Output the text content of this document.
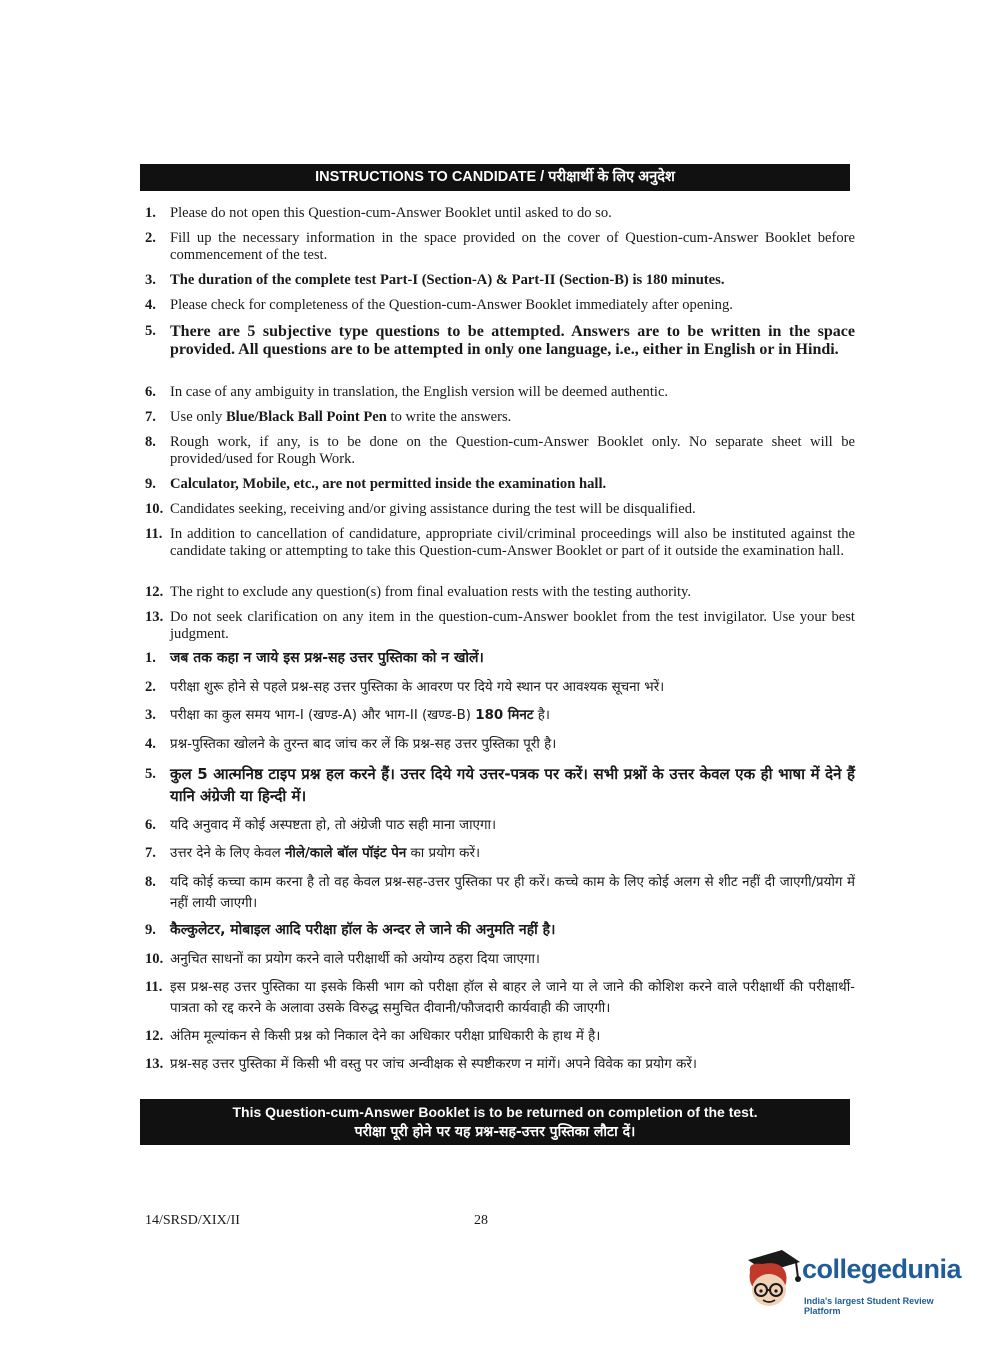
INSTRUCTIONS TO CANDIDATE / परीक्षार्थी के लिए अनुदेश
1. Please do not open this Question-cum-Answer Booklet until asked to do so.
2. Fill up the necessary information in the space provided on the cover of Question-cum-Answer Booklet before commencement of the test.
3. The duration of the complete test Part-I (Section-A) & Part-II (Section-B) is 180 minutes.
4. Please check for completeness of the Question-cum-Answer Booklet immediately after opening.
5. There are 5 subjective type questions to be attempted. Answers are to be written in the space provided. All questions are to be attempted in only one language, i.e., either in English or in Hindi.
6. In case of any ambiguity in translation, the English version will be deemed authentic.
7. Use only Blue/Black Ball Point Pen to write the answers.
8. Rough work, if any, is to be done on the Question-cum-Answer Booklet only. No separate sheet will be provided/used for Rough Work.
9. Calculator, Mobile, etc., are not permitted inside the examination hall.
10. Candidates seeking, receiving and/or giving assistance during the test will be disqualified.
11. In addition to cancellation of candidature, appropriate civil/criminal proceedings will also be instituted against the candidate taking or attempting to take this Question-cum-Answer Booklet or part of it outside the examination hall.
12. The right to exclude any question(s) from final evaluation rests with the testing authority.
13. Do not seek clarification on any item in the question-cum-Answer booklet from the test invigilator. Use your best judgment.
1.	जब तक कहा न जाये इस प्रश्न-सह उत्तर पुस्तिका को न खोलें।
2.	परीक्षा शुरू होने से पहले प्रश्न-सह उत्तर पुस्तिका के आवरण पर दिये गये स्थान पर आवश्यक सूचना भरें।
3.	परीक्षा का कुल समय भाग-I (खण्ड-A) और भाग-II (खण्ड-B) 180 मिनट है।
4.	प्रश्न-पुस्तिका खोलने के तुरन्त बाद जांच कर लें कि प्रश्न-सह उत्तर पुस्तिका पूरी है।
5. कुल 5 आत्मनिष्ठ टाइप प्रश्न हल करने हैं। उत्तर दिये गये उत्तर-पत्रक पर करें। सभी प्रश्नों के उत्तर केवल एक ही भाषा में देने हैं यानि अंग्रेजी या हिन्दी में।
6.	यदि अनुवाद में कोई अस्पष्टता हो, तो अंग्रेजी पाठ सही माना जाएगा।
7.	उत्तर देने के लिए केवल नीले/काले बॉल पॉइंट पेन का प्रयोग करें।
8.	यदि कोई कच्चा काम करना है तो वह केवल प्रश्न-सह-उत्तर पुस्तिका पर ही करें। कच्चे काम के लिए कोई अलग से शीट नहीं दी जाएगी/प्रयोग में नहीं लायी जाएगी।
9.	कैल्कुलेटर, मोबाइल आदि परीक्षा हॉल के अन्दर ले जाने की अनुमति नहीं है।
10. अनुचित साधनों का प्रयोग करने वाले परीक्षार्थी को अयोग्य ठहरा दिया जाएगा।
11. इस प्रश्न-सह उत्तर पुस्तिका या इसके किसी भाग को परीक्षा हॉल से बाहर ले जाने या ले जाने की कोशिश करने वाले परीक्षार्थी की परीक्षार्थी-पात्रता को रद्द करने के अलावा उसके विरुद्ध समुचित दीवानी/फौजदारी कार्यवाही की जाएगी।
12. अंतिम मूल्यांकन से किसी प्रश्न को निकाल देने का अधिकार परीक्षा प्राधिकारी के हाथ में है।
13. प्रश्न-सह उत्तर पुस्तिका में किसी भी वस्तु पर जांच अन्वीक्षक से स्पष्टीकरण न मांगें। अपने विवेक का प्रयोग करें।
This Question-cum-Answer Booklet is to be returned on completion of the test.
परीक्षा पूरी होने पर यह प्रश्न-सह-उत्तर पुस्तिका लौटा दें।
14/SRSD/XIX/II	28
collegedunia
India's largest Student Review Platform
